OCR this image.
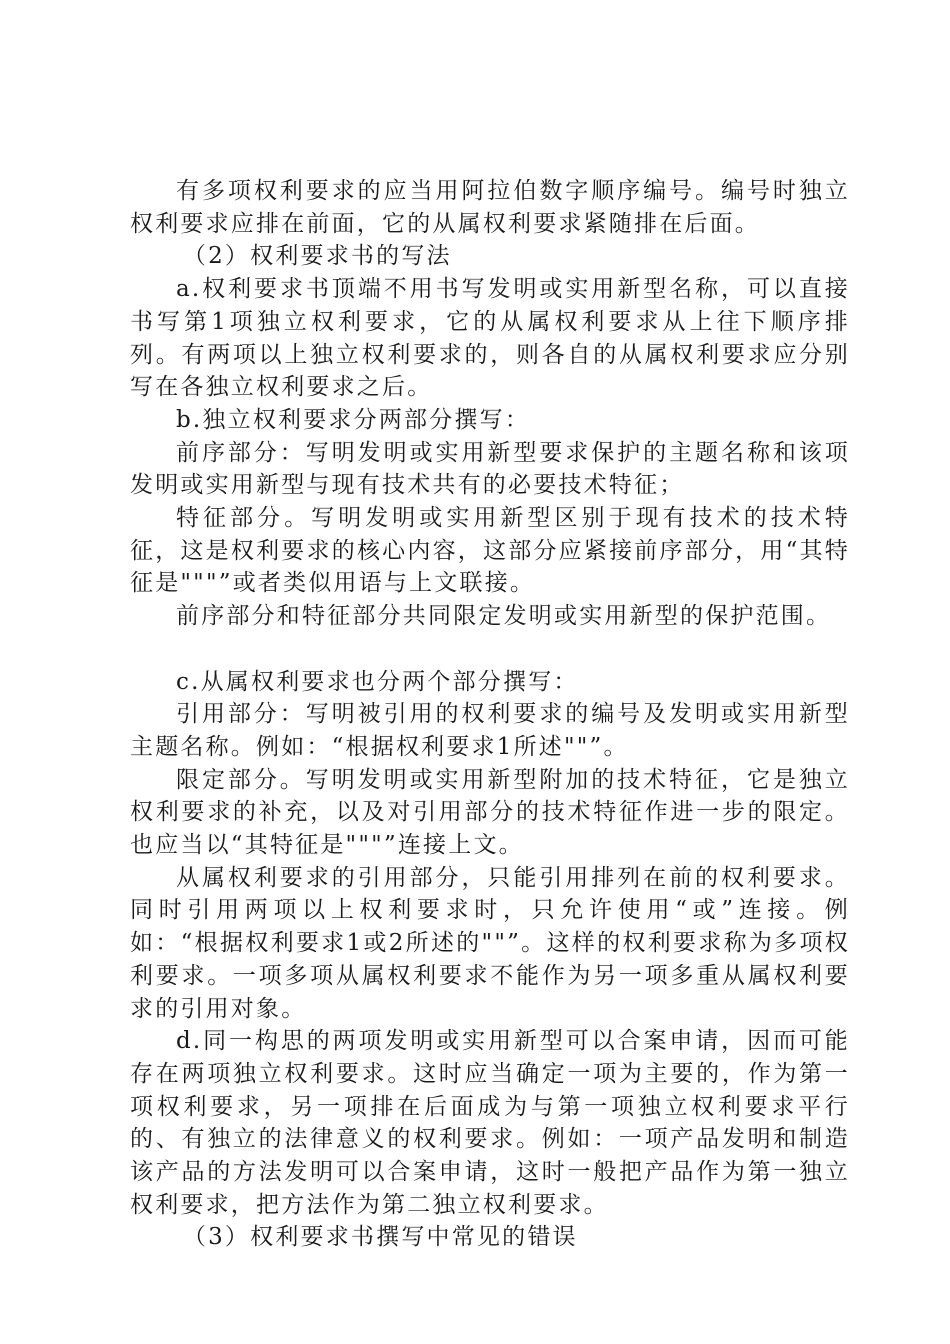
有多项权利要求的应当用阿拉伯数字顺序编号。编号时独立权利要求应排在前面，它的从属权利要求紧随排在后面。

（2）权利要求书的写法

a.权利要求书顶端不用书写发明或实用新型名称，可以直接书写第1项独立权利要求，它的从属权利要求从上往下顺序排列。有两项以上独立权利要求的，则各自的从属权利要求应分别写在各独立权利要求之后。

b.独立权利要求分两部分撰写：

前序部分：写明发明或实用新型要求保护的主题名称和该项发明或实用新型与现有技术共有的必要技术特征；

特征部分。写明发明或实用新型区别于现有技术的技术特征，这是权利要求的核心内容，这部分应紧接前序部分，用“其特征是"""”或者类似用语与上文联接。

前序部分和特征部分共同限定发明或实用新型的保护范围。

c.从属权利要求也分两个部分撰写：

引用部分：写明被引用的权利要求的编号及发明或实用新型主题名称。例如：“根据权利要求1所述""”。

限定部分。写明发明或实用新型附加的技术特征，它是独立权利要求的补充，以及对引用部分的技术特征作进一步的限定。也应当以“其特征是"""”连接上文。

从属权利要求的引用部分，只能引用排列在前的权利要求。同时引用两项以上权利要求时，只允许使用“或”连接。例如：“根据权利要求1或2所述的""”。这样的权利要求称为多项权利要求。一项多项从属权利要求不能作为另一项多重从属权利要求的引用对象。

d.同一构思的两项发明或实用新型可以合案申请，因而可能存在两项独立权利要求。这时应当确定一项为主要的，作为第一项权利要求，另一项排在后面成为与第一项独立权利要求平行的、有独立的法律意义的权利要求。例如：一项产品发明和制造该产品的方法发明可以合案申请，这时一般把产品作为第一独立权利要求，把方法作为第二独立权利要求。

（3）权利要求书撰写中常见的错误
